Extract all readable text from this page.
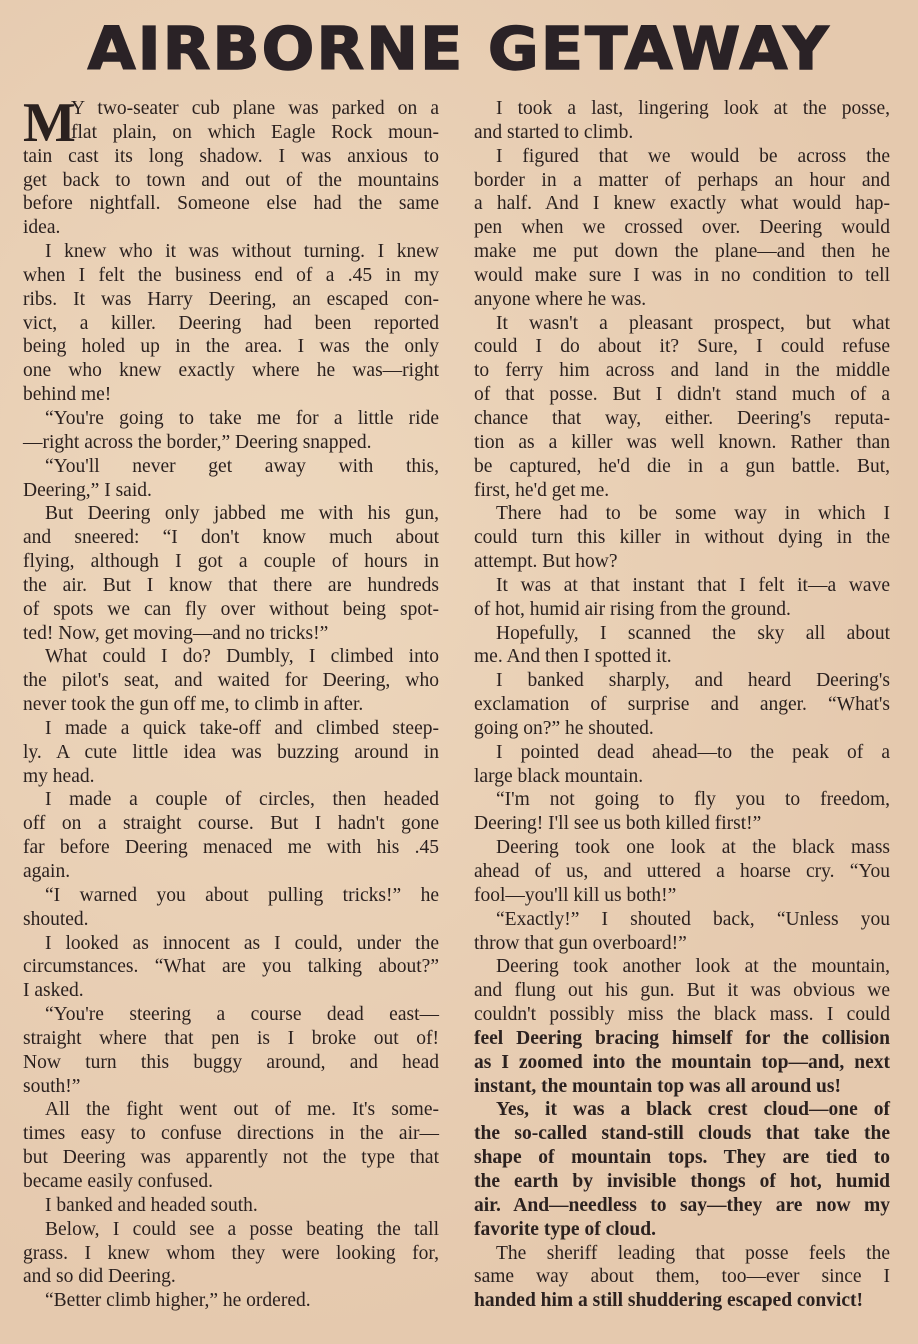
AIRBORNE GETAWAY
M
Y two-seater cub plane was parked on a
flat plain, on which Eagle Rock moun-
tain cast its long shadow. I was anxious to
get back to town and out of the mountains
before nightfall. Someone else had the same
idea.
I knew who it was without turning. I knew
when I felt the business end of a .45 in my
ribs. It was Harry Deering, an escaped con-
vict, a killer. Deering had been reported
being holed up in the area. I was the only
one who knew exactly where he was—right
behind me!
“You're going to take me for a little ride
—right across the border,” Deering snapped.
“You'll never get away with this,
Deering,” I said.
But Deering only jabbed me with his gun,
and sneered: “I don't know much about
flying, although I got a couple of hours in
the air. But I know that there are hundreds
of spots we can fly over without being spot-
ted! Now, get moving—and no tricks!”
What could I do? Dumbly, I climbed into
the pilot's seat, and waited for Deering, who
never took the gun off me, to climb in after.
I made a quick take-off and climbed steep-
ly. A cute little idea was buzzing around in
my head.
I made a couple of circles, then headed
off on a straight course. But I hadn't gone
far before Deering menaced me with his .45
again.
“I warned you about pulling tricks!” he
shouted.
I looked as innocent as I could, under the
circumstances. “What are you talking about?”
I asked.
“You're steering a course dead east—
straight where that pen is I broke out of!
Now turn this buggy around, and head
south!”
All the fight went out of me. It's some-
times easy to confuse directions in the air—
but Deering was apparently not the type that
became easily confused.
I banked and headed south.
Below, I could see a posse beating the tall
grass. I knew whom they were looking for,
and so did Deering.
“Better climb higher,” he ordered.
I took a last, lingering look at the posse,
and started to climb.
I figured that we would be across the
border in a matter of perhaps an hour and
a half. And I knew exactly what would hap-
pen when we crossed over. Deering would
make me put down the plane—and then he
would make sure I was in no condition to tell
anyone where he was.
It wasn't a pleasant prospect, but what
could I do about it? Sure, I could refuse
to ferry him across and land in the middle
of that posse. But I didn't stand much of a
chance that way, either. Deering's reputa-
tion as a killer was well known. Rather than
be captured, he'd die in a gun battle. But,
first, he'd get me.
There had to be some way in which I
could turn this killer in without dying in the
attempt. But how?
It was at that instant that I felt it—a wave
of hot, humid air rising from the ground.
Hopefully, I scanned the sky all about
me. And then I spotted it.
I banked sharply, and heard Deering's
exclamation of surprise and anger. “What's
going on?” he shouted.
I pointed dead ahead—to the peak of a
large black mountain.
“I'm not going to fly you to freedom,
Deering! I'll see us both killed first!”
Deering took one look at the black mass
ahead of us, and uttered a hoarse cry. “You
fool—you'll kill us both!”
“Exactly!” I shouted back, “Unless you
throw that gun overboard!”
Deering took another look at the mountain,
and flung out his gun. But it was obvious we
couldn't possibly miss the black mass. I could
feel Deering bracing himself for the collision
as I zoomed into the mountain top—and, next
instant, the mountain top was all around us!
Yes, it was a black crest cloud—one of
the so-called stand-still clouds that take the
shape of mountain tops. They are tied to
the earth by invisible thongs of hot, humid
air. And—needless to say—they are now my
favorite type of cloud.
The sheriff leading that posse feels the
same way about them, too—ever since I
handed him a still shuddering escaped convict!
